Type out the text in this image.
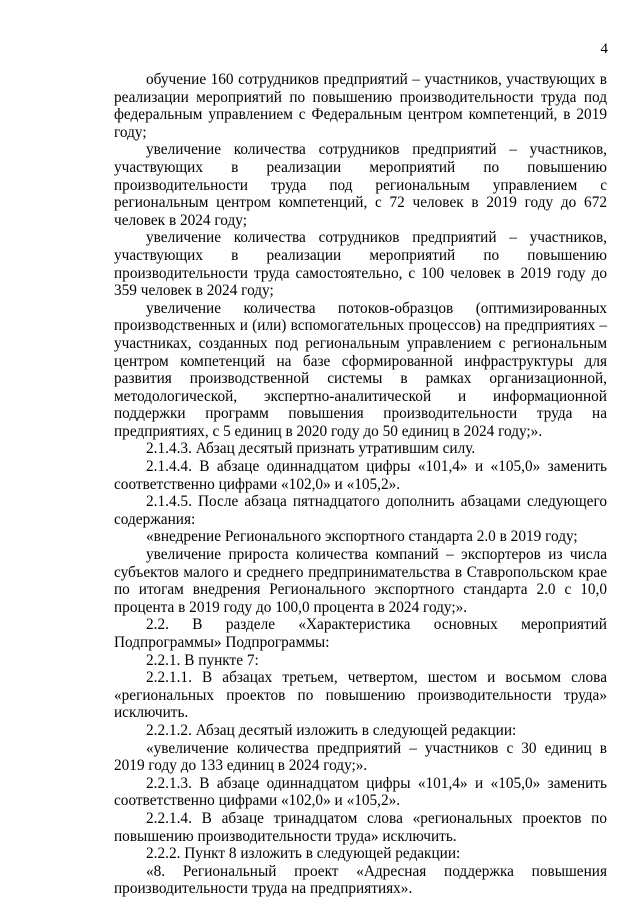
4

обучение 160 сотрудников предприятий – участников, участвующих в реализации мероприятий по повышению производительности труда под федеральным управлением с Федеральным центром компетенций, в 2019 году;

увеличение количества сотрудников предприятий – участников, участвующих в реализации мероприятий по повышению производительности труда под региональным управлением с региональным центром компетенций, с 72 человек в 2019 году до 672 человек в 2024 году;

увеличение количества сотрудников предприятий – участников, участвующих в реализации мероприятий по повышению производительности труда самостоятельно, с 100 человек в 2019 году до 359 человек в 2024 году;

увеличение количества потоков-образцов (оптимизированных производственных и (или) вспомогательных процессов) на предприятиях – участниках, созданных под региональным управлением с региональным центром компетенций на базе сформированной инфраструктуры для развития производственной системы в рамках организационной, методологической, экспертно-аналитической и информационной поддержки программ повышения производительности труда на предприятиях, с 5 единиц в 2020 году до 50 единиц в 2024 году;».

2.1.4.3. Абзац десятый признать утратившим силу.

2.1.4.4. В абзаце одиннадцатом цифры «101,4» и «105,0» заменить соответственно цифрами «102,0» и «105,2».

2.1.4.5. После абзаца пятнадцатого дополнить абзацами следующего содержания:

«внедрение Регионального экспортного стандарта 2.0 в 2019 году;

увеличение прироста количества компаний – экспортеров из числа субъектов малого и среднего предпринимательства в Ставропольском крае по итогам внедрения Регионального экспортного стандарта 2.0 с 10,0 процента в 2019 году до 100,0 процента в 2024 году;».

2.2. В разделе «Характеристика основных мероприятий Подпрограммы» Подпрограммы:

2.2.1. В пункте 7:

2.2.1.1. В абзацах третьем, четвертом, шестом и восьмом слова «региональных проектов по повышению производительности труда» исключить.

2.2.1.2. Абзац десятый изложить в следующей редакции:

«увеличение количества предприятий – участников с 30 единиц в 2019 году до 133 единиц в 2024 году;».

2.2.1.3. В абзаце одиннадцатом цифры «101,4» и «105,0» заменить соответственно цифрами «102,0» и «105,2».

2.2.1.4. В абзаце тринадцатом слова «региональных проектов по повышению производительности труда» исключить.

2.2.2. Пункт 8 изложить в следующей редакции:

«8. Региональный проект «Адресная поддержка повышения производительности труда на предприятиях».
